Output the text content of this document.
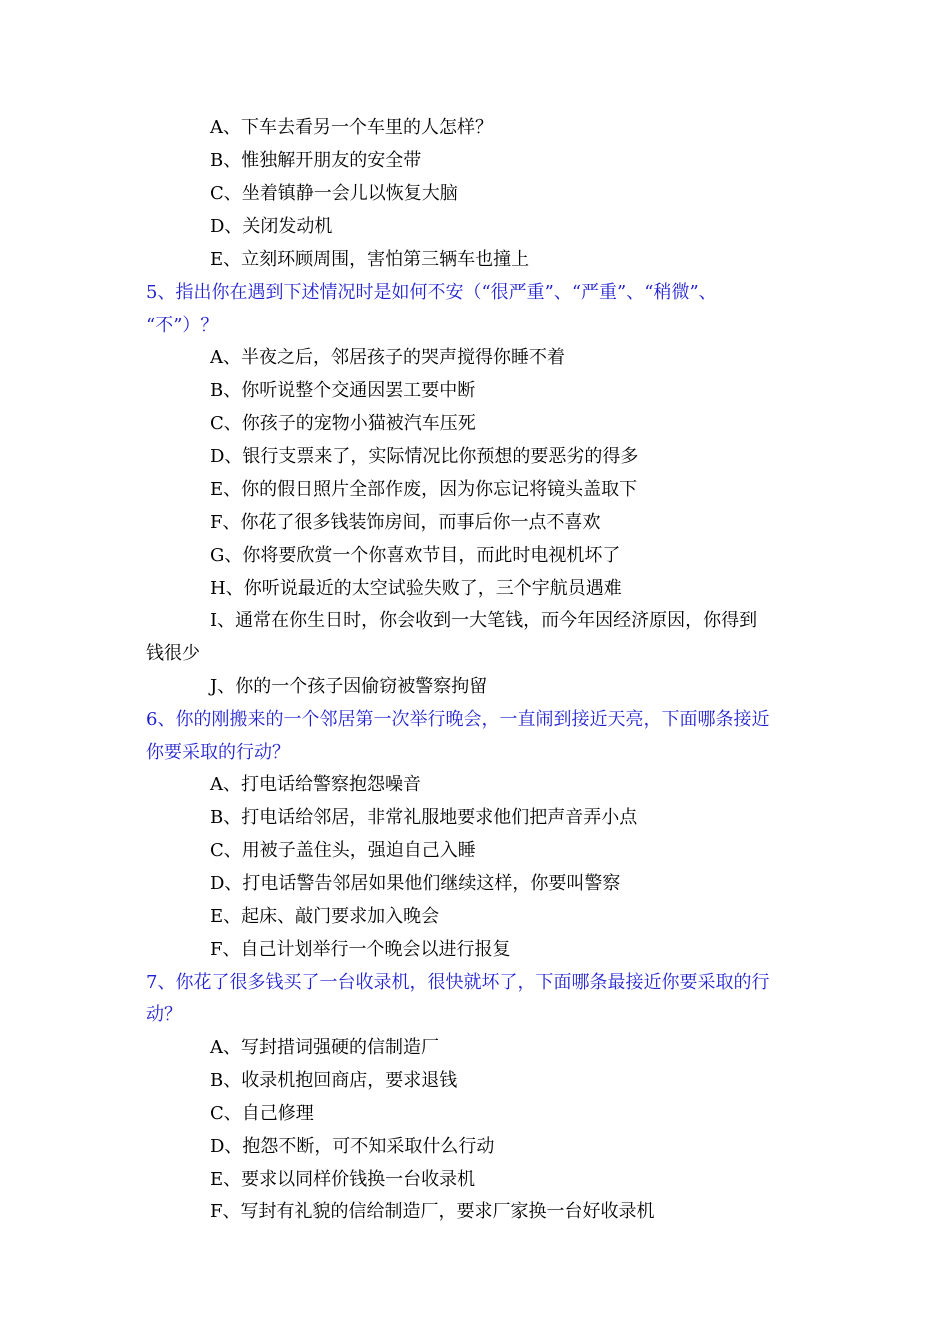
A、下车去看另一个车里的人怎样？
B、惟独解开朋友的安全带
C、坐着镇静一会儿以恢复大脑
D、关闭发动机
E、立刻环顾周围，害怕第三辆车也撞上
5、指出你在遇到下述情况时是如何不安（“很严重”、“严重”、“稍微”、
“不”）？
A、半夜之后，邻居孩子的哭声搅得你睡不着
B、你听说整个交通因罢工要中断
C、你孩子的宠物小猫被汽车压死
D、银行支票来了，实际情况比你预想的要恶劣的得多
E、你的假日照片全部作废，因为你忘记将镜头盖取下
F、你花了很多钱装饰房间，而事后你一点不喜欢
G、你将要欣赏一个你喜欢节目，而此时电视机坏了
H、你听说最近的太空试验失败了，三个宇航员遇难
I、通常在你生日时，你会收到一大笔钱，而今年因经济原因，你得到
钱很少
J、你的一个孩子因偷窃被警察拘留
6、你的刚搬来的一个邻居第一次举行晚会，一直闹到接近天亮，下面哪条接近
你要采取的行动？
A、打电话给警察抱怨噪音
B、打电话给邻居，非常礼服地要求他们把声音弄小点
C、用被子盖住头，强迫自己入睡
D、打电话警告邻居如果他们继续这样，你要叫警察
E、起床、敲门要求加入晚会
F、自己计划举行一个晚会以进行报复
7、你花了很多钱买了一台收录机，很快就坏了，下面哪条最接近你要采取的行
动？
A、写封措词强硬的信制造厂
B、收录机抱回商店，要求退钱
C、自己修理
D、抱怨不断，可不知采取什么行动
E、要求以同样价钱换一台收录机
F、写封有礼貌的信给制造厂，要求厂家换一台好收录机
